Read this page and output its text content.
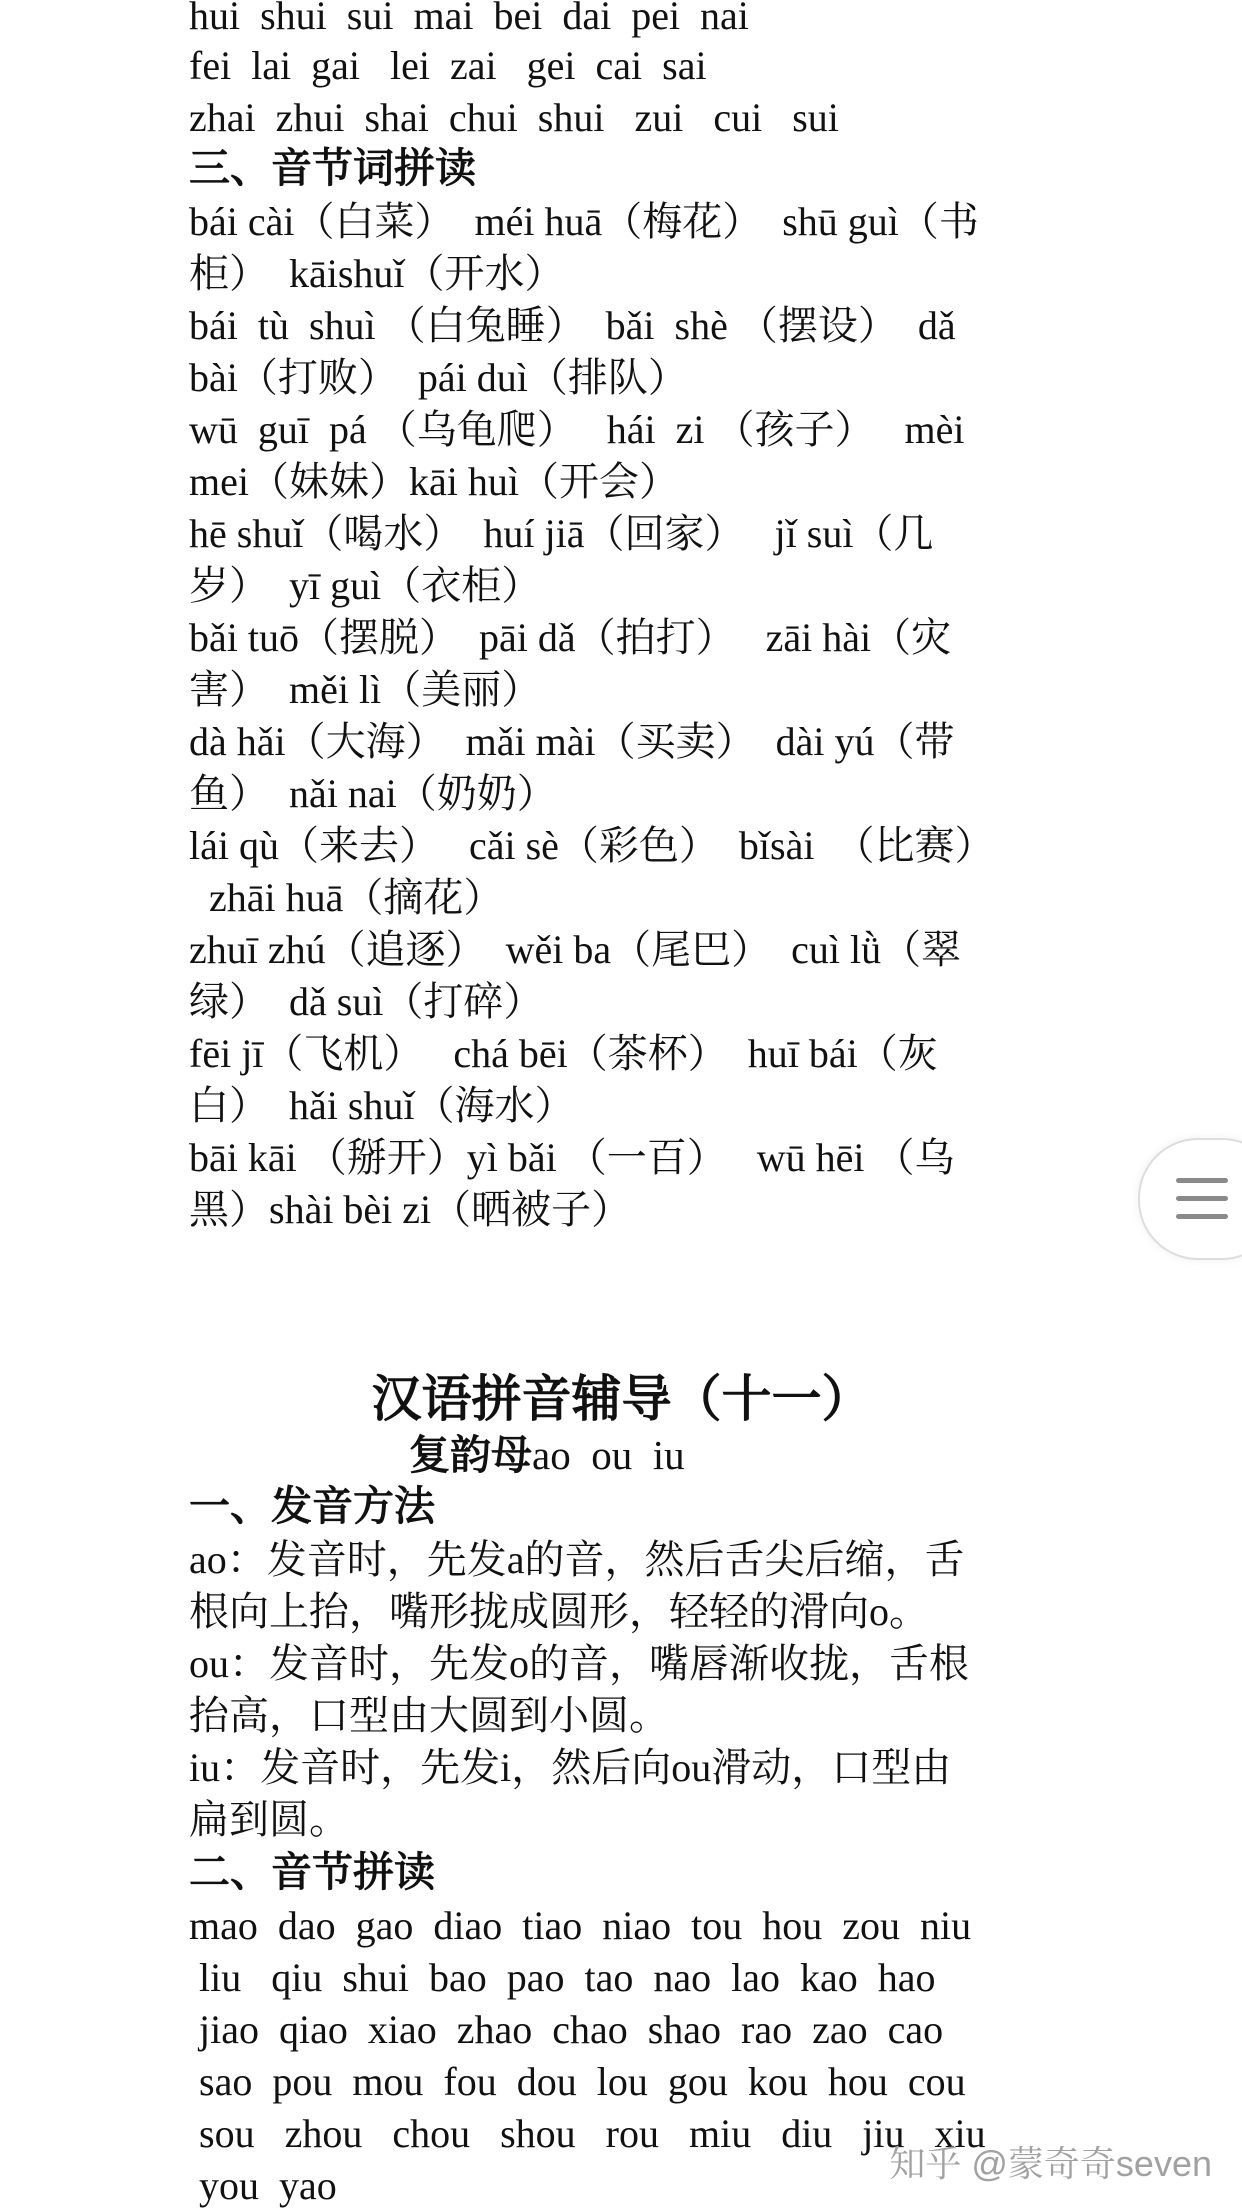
hui  shui  sui  mai  bei  dai  pei  nai
fei  lai  gai   lei  zai   gei  cai  sai
zhai  zhui  shai  chui  shui   zui   cui   sui
三、音节词拼读
bái cài（白菜）  méi huā（梅花）  shū guì（书
柜）  kāishuǐ（开水）
bái  tù  shuì （白兔睡）  bǎi  shè （摆设）  dǎ
bài（打败）  pái duì（排队）
wū  guī  pá （乌龟爬）   hái  zi （孩子）   mèi
mei（妹妹）kāi huì（开会）
hē shuǐ（喝水）  huí jiā（回家）   jǐ suì（几
岁）  yī guì（衣柜）
bǎi tuō（摆脱）  pāi dǎ（拍打）   zāi hài（灾
害）  měi lì（美丽）
dà hǎi（大海）  mǎi mài（买卖）  dài yú（带
鱼）  nǎi nai（奶奶）
lái qù（来去）   cǎi sè（彩色）  bǐsài  （比赛）
zhāi huā（摘花）
zhuī zhú（追逐）  wěi ba（尾巴）  cuì lǜ（翠
绿）  dǎ suì（打碎）
fēi jī（飞机）   chá bēi（茶杯）  huī bái（灰
白）  hǎi shuǐ（海水）
bāi kāi （掰开）yì bǎi （一百）   wū hēi （乌
黑）shài bèi zi（晒被子）
汉语拼音辅导（十一）
复韵母ao  ou  iu
一、发音方法
ao：发音时，先发a的音，然后舌尖后缩，舌
根向上抬，嘴形拢成圆形，轻轻的滑向o。
ou：发音时，先发o的音，嘴唇渐收拢，舌根
抬高，口型由大圆到小圆。
iu：发音时，先发i，然后向ou滑动，口型由
扁到圆。
二、音节拼读
mao  dao  gao  diao  tiao  niao  tou  hou  zou  niu
liu   qiu  shui  bao  pao  tao  nao  lao  kao  hao
jiao  qiao  xiao  zhao  chao  shao  rao  zao  cao
sao  pou  mou  fou  dou  lou  gou  kou  hou  cou
sou   zhou   chou   shou   rou   miu   diu   jiu   xiu
you  yao	知乎 @蒙奇奇seven
